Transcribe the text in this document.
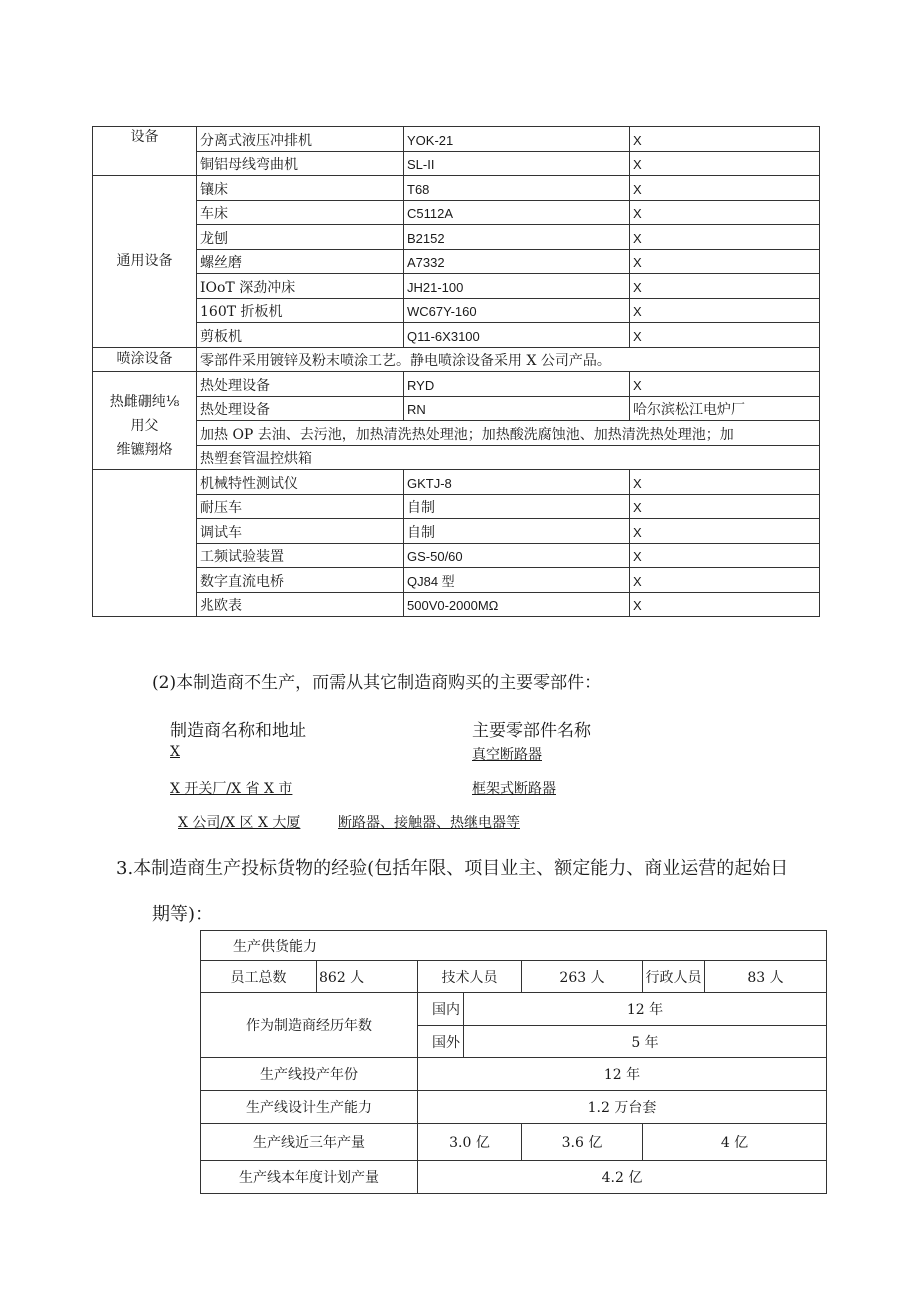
设备	分离式液压冲排机	YOK-21	X
	铜铝母线弯曲机	SL-II	X
通用设备	镶床	T68	X
	车床	C5112A	X
	龙刨	B2152	X
	螺丝磨	A7332	X
	IOoT 深劲冲床	JH21-100	X
	160T 折板机	WC67Y-160	X
	剪板机	Q11-6X3100	X
喷涂设备	零部件采用镀锌及粉末喷涂工艺。静电喷涂设备采用 X 公司产品。		

热雌硼纯⅛
用父
维镳翔烙	热处理设备	RYD	X
	热处理设备	RN	哈尔滨松江电炉厂
	加热 OP 去油、去污池，加热清洗热处理池；加热酸洗腐蚀池、加热清洗热处理池；加		
	热塑套管温控烘箱		
	机械特性测试仪	GKTJ-8	X
	耐压车	自制	X
	调试车	自制	X
	工频试验装置	GS-50/60	X
	数字直流电桥	QJ84 型	X
	兆欧表	500V0-2000MΩ	X
(2)本制造商不生产，而需从其它制造商购买的主要零部件：
制造商名称和地址	主要零部件名称
X	真空断路器
X 开关厂/X 省 X 市	框架式断路器
X 公司/X 区 X 大厦	断路器、接触器、热继电器等
3.本制造商生产投标货物的经验(包括年限、项目业主、额定能力、商业运营的起始日
期等)：
生产供货能力						
员工总数	862 人	技术人员		263 人	行政人员	83 人
作为制造商经历年数		国内	12 年			
		国外	5 年			
生产线投产年份		12 年				
生产线设计生产能力		1.2 万台套				
生产线近三年产量		3.0 亿		3.6 亿	4 亿	
生产线本年度计划产量		4.2 亿				
